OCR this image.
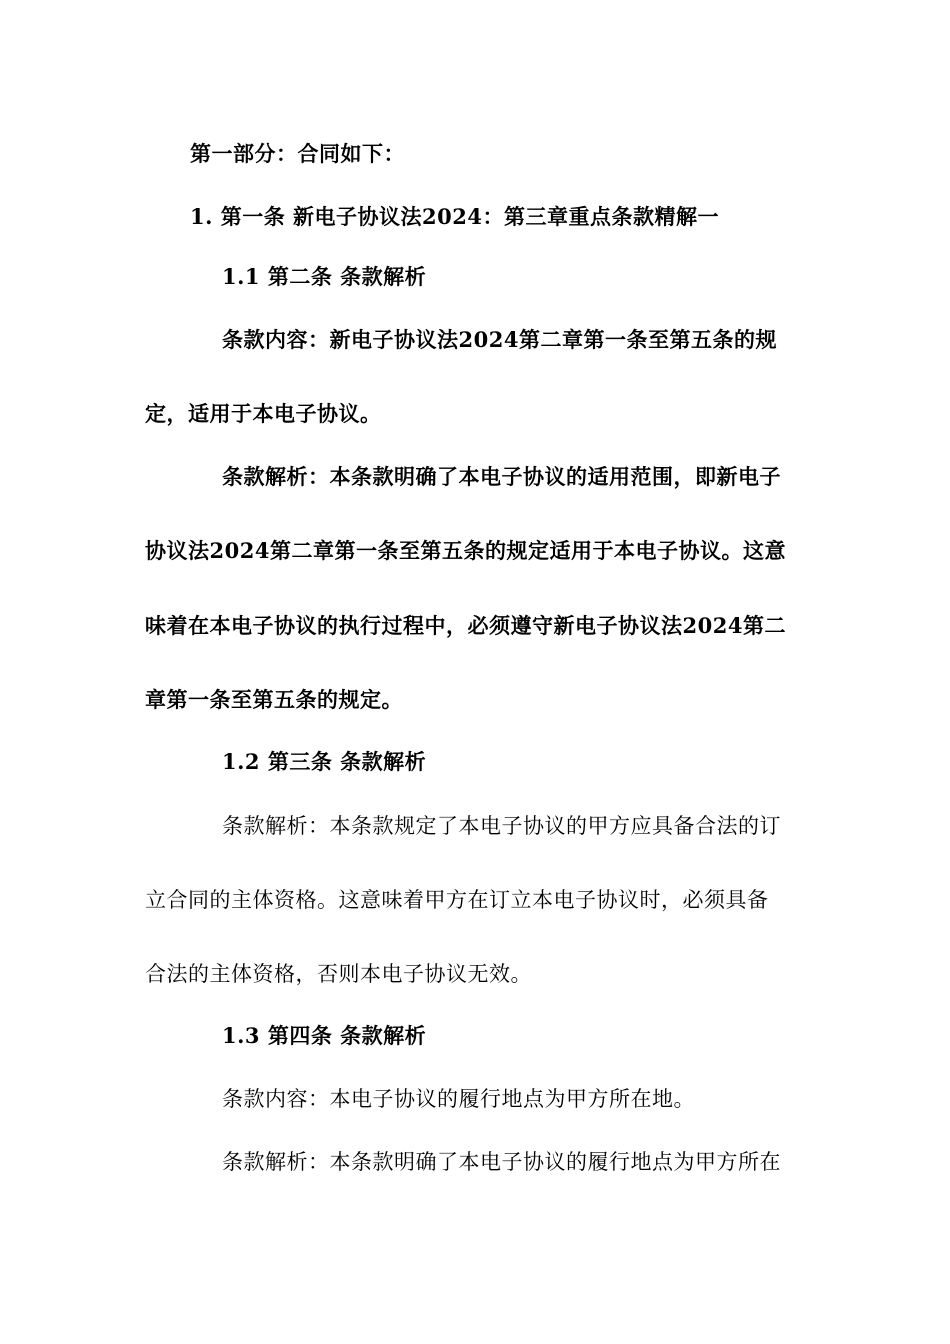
第一部分：合同如下：
1. 第一条 新电子协议法2024：第三章重点条款精解一
1.1 第二条 条款解析
条款内容：新电子协议法2024第二章第一条至第五条的规
定，适用于本电子协议。
条款解析：本条款明确了本电子协议的适用范围，即新电子
协议法2024第二章第一条至第五条的规定适用于本电子协议。这意
味着在本电子协议的执行过程中，必须遵守新电子协议法2024第二
章第一条至第五条的规定。
1.2 第三条 条款解析
条款解析：本条款规定了本电子协议的甲方应具备合法的订
立合同的主体资格。这意味着甲方在订立本电子协议时，必须具备
合法的主体资格，否则本电子协议无效。
1.3 第四条 条款解析
条款内容：本电子协议的履行地点为甲方所在地。
条款解析：本条款明确了本电子协议的履行地点为甲方所在
